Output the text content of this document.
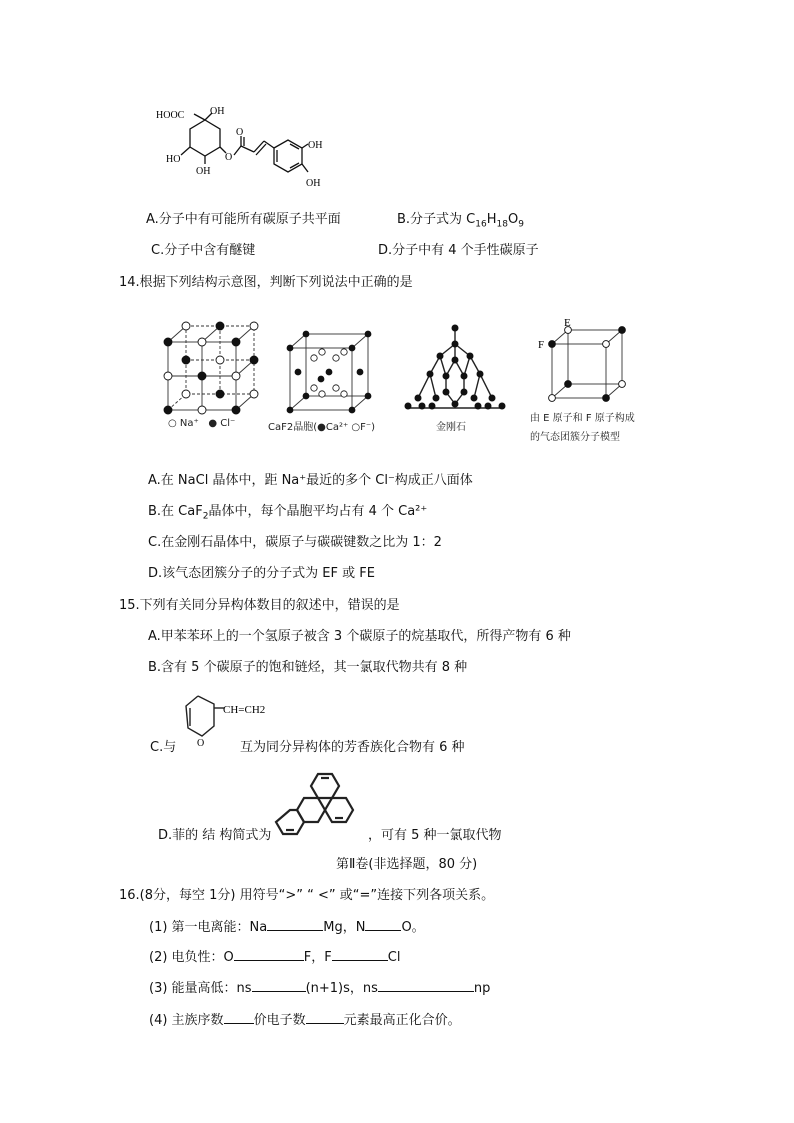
HOOC	OH
HO
OH
O
O
OH
OH
A.分子中有可能所有碳原子共平面	B.分子式为 $C_{16}H_{18}O_9$
C.分子中含有醚键	D.分子中有 4 个手性碳原子
14.根据下列结构示意图，判断下列说法中正确的是
○ Na⁺ ● Cl⁻	CaF2晶胞(●Ca²⁺ ○F⁻)	金刚石
E
F
由 E 原子和 F 原子构成
的气态团簇分子模型
A.在 NaCl 晶体中，距 Na⁺最近的多个 Cl⁻构成正八面体
B.在 CaF$_2$晶体中，每个晶胞平均占有 4 个 Ca²⁺
C.在金刚石晶体中，碳原子与碳碳键数之比为 1：2
D.该气态团簇分子的分子式为 EF 或 FE
15.下列有关同分异构体数目的叙述中，错误的是
A.甲苯苯环上的一个氢原子被含 3 个碳原子的烷基取代，所得产物有 6 种
B.含有 5 个碳原子的饱和链烃，其一氯取代物共有 8 种
CH=CH2
O
C.与	互为同分异构体的芳香族化合物有 6 种
D.菲的 结 构简式为	，可有 5 种一氯取代物
第Ⅱ卷(非选择题，80 分)
16.(8分，每空 1分) 用符号“>” “ <” 或“=”连接下列各项关系。
(1) 第一电离能：Na	Mg，N	O。
(2) 电负性：O	F，F	Cl
(3) 能量高低：ns	(n+1)s，ns	np
(4) 主族序数 价电子数	元素最高正化合价。
